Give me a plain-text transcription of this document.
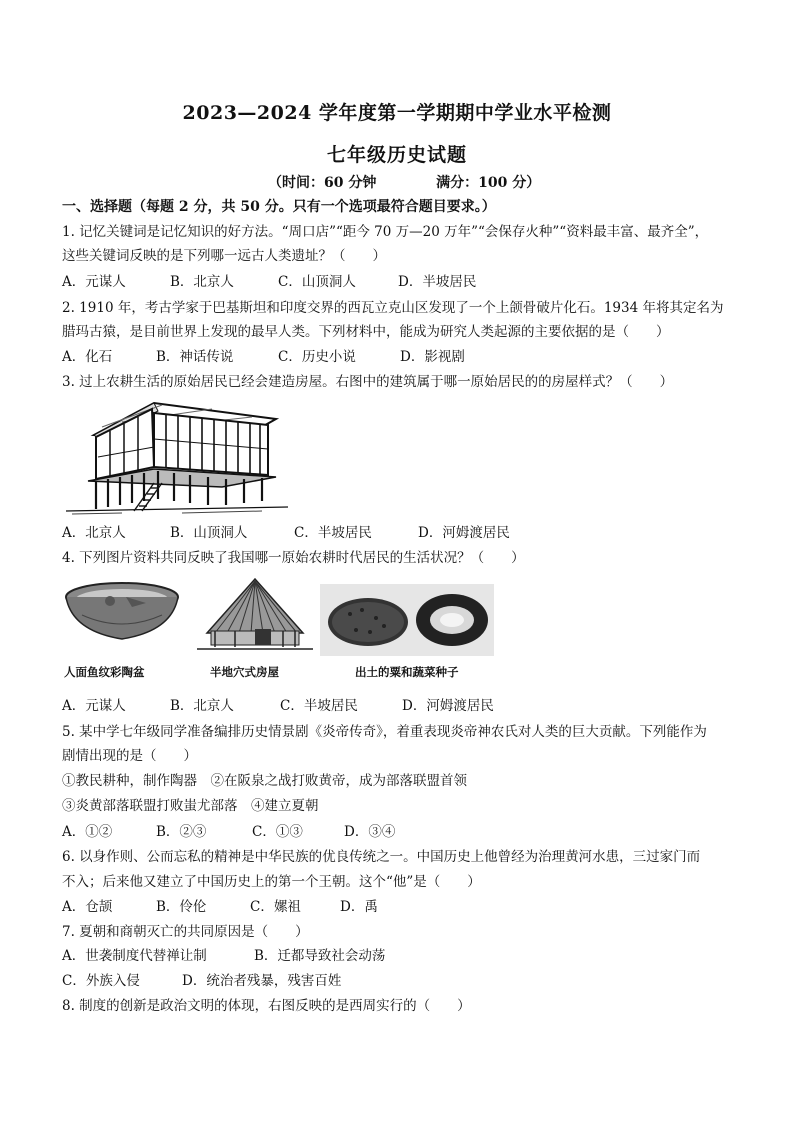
2023—2024 学年度第一学期期中学业水平检测
七年级历史试题
（时间：60 分钟	满分：100 分）
一、选择题（每题 2 分，共 50 分。只有一个选项最符合题目要求。）
1. 记忆关键词是记忆知识的好方法。“周口店”“距今 70 万—20 万年”“会保存火种”“资料最丰富、最齐全”，
这些关键词反映的是下列哪一远古人类遗址？（　　）
A．元谋人	B．北京人	C．山顶洞人	D．半坡居民
2. 1910 年，考古学家于巴基斯坦和印度交界的西瓦立克山区发现了一个上颌骨破片化石。1934 年将其定名为
腊玛古猿，是目前世界上发现的最早人类。下列材料中，能成为研究人类起源的主要依据的是（　　）
A．化石	B．神话传说	C．历史小说	D．影视剧
3. 过上农耕生活的原始居民已经会建造房屋。右图中的建筑属于哪一原始居民的的房屋样式？（　　）
A．北京人	B．山顶洞人	C．半坡居民	D．河姆渡居民
4. 下列图片资料共同反映了我国哪一原始农耕时代居民的生活状况？（　　）
人面鱼纹彩陶盆	半地穴式房屋	出土的粟和蔬菜种子
A．元谋人	B．北京人	C．半坡居民	D．河姆渡居民
5. 某中学七年级同学准备编排历史情景剧《炎帝传奇》，着重表现炎帝神农氏对人类的巨大贡献。下列能作为
剧情出现的是（　　）
①教民耕种，制作陶器　②在阪泉之战打败黄帝，成为部落联盟首领
③炎黄部落联盟打败蚩尤部落　④建立夏朝
A．①②	B．②③	C．①③	D．③④
6. 以身作则、公而忘私的精神是中华民族的优良传统之一。中国历史上他曾经为治理黄河水患，三过家门而
不入；后来他又建立了中国历史上的第一个王朝。这个“他”是（　　）
A．仓颉	B．伶伦	C．嫘祖	D．禹
7. 夏朝和商朝灭亡的共同原因是（　　）
A．世袭制度代替禅让制	B．迁都导致社会动荡
C．外族入侵	D．统治者残暴，残害百姓
8. 制度的创新是政治文明的体现，右图反映的是西周实行的（　　）
